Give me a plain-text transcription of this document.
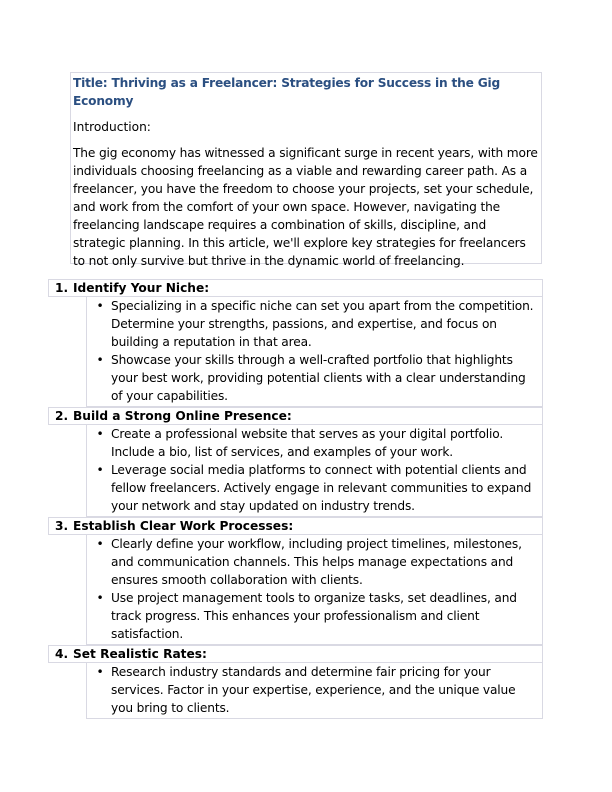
Title: Thriving as a Freelancer: Strategies for Success in the Gig Economy

Introduction:

The gig economy has witnessed a significant surge in recent years, with more individuals choosing freelancing as a viable and rewarding career path. As a freelancer, you have the freedom to choose your projects, set your schedule, and work from the comfort of your own space. However, navigating the freelancing landscape requires a combination of skills, discipline, and strategic planning. In this article, we'll explore key strategies for freelancers to not only survive but thrive in the dynamic world of freelancing.

1. Identify Your Niche:
• Specializing in a specific niche can set you apart from the competition. Determine your strengths, passions, and expertise, and focus on building a reputation in that area.
• Showcase your skills through a well-crafted portfolio that highlights your best work, providing potential clients with a clear understanding of your capabilities.
2. Build a Strong Online Presence:
• Create a professional website that serves as your digital portfolio. Include a bio, list of services, and examples of your work.
• Leverage social media platforms to connect with potential clients and fellow freelancers. Actively engage in relevant communities to expand your network and stay updated on industry trends.
3. Establish Clear Work Processes:
• Clearly define your workflow, including project timelines, milestones, and communication channels. This helps manage expectations and ensures smooth collaboration with clients.
• Use project management tools to organize tasks, set deadlines, and track progress. This enhances your professionalism and client satisfaction.
4. Set Realistic Rates:
• Research industry standards and determine fair pricing for your services. Factor in your expertise, experience, and the unique value you bring to clients.
